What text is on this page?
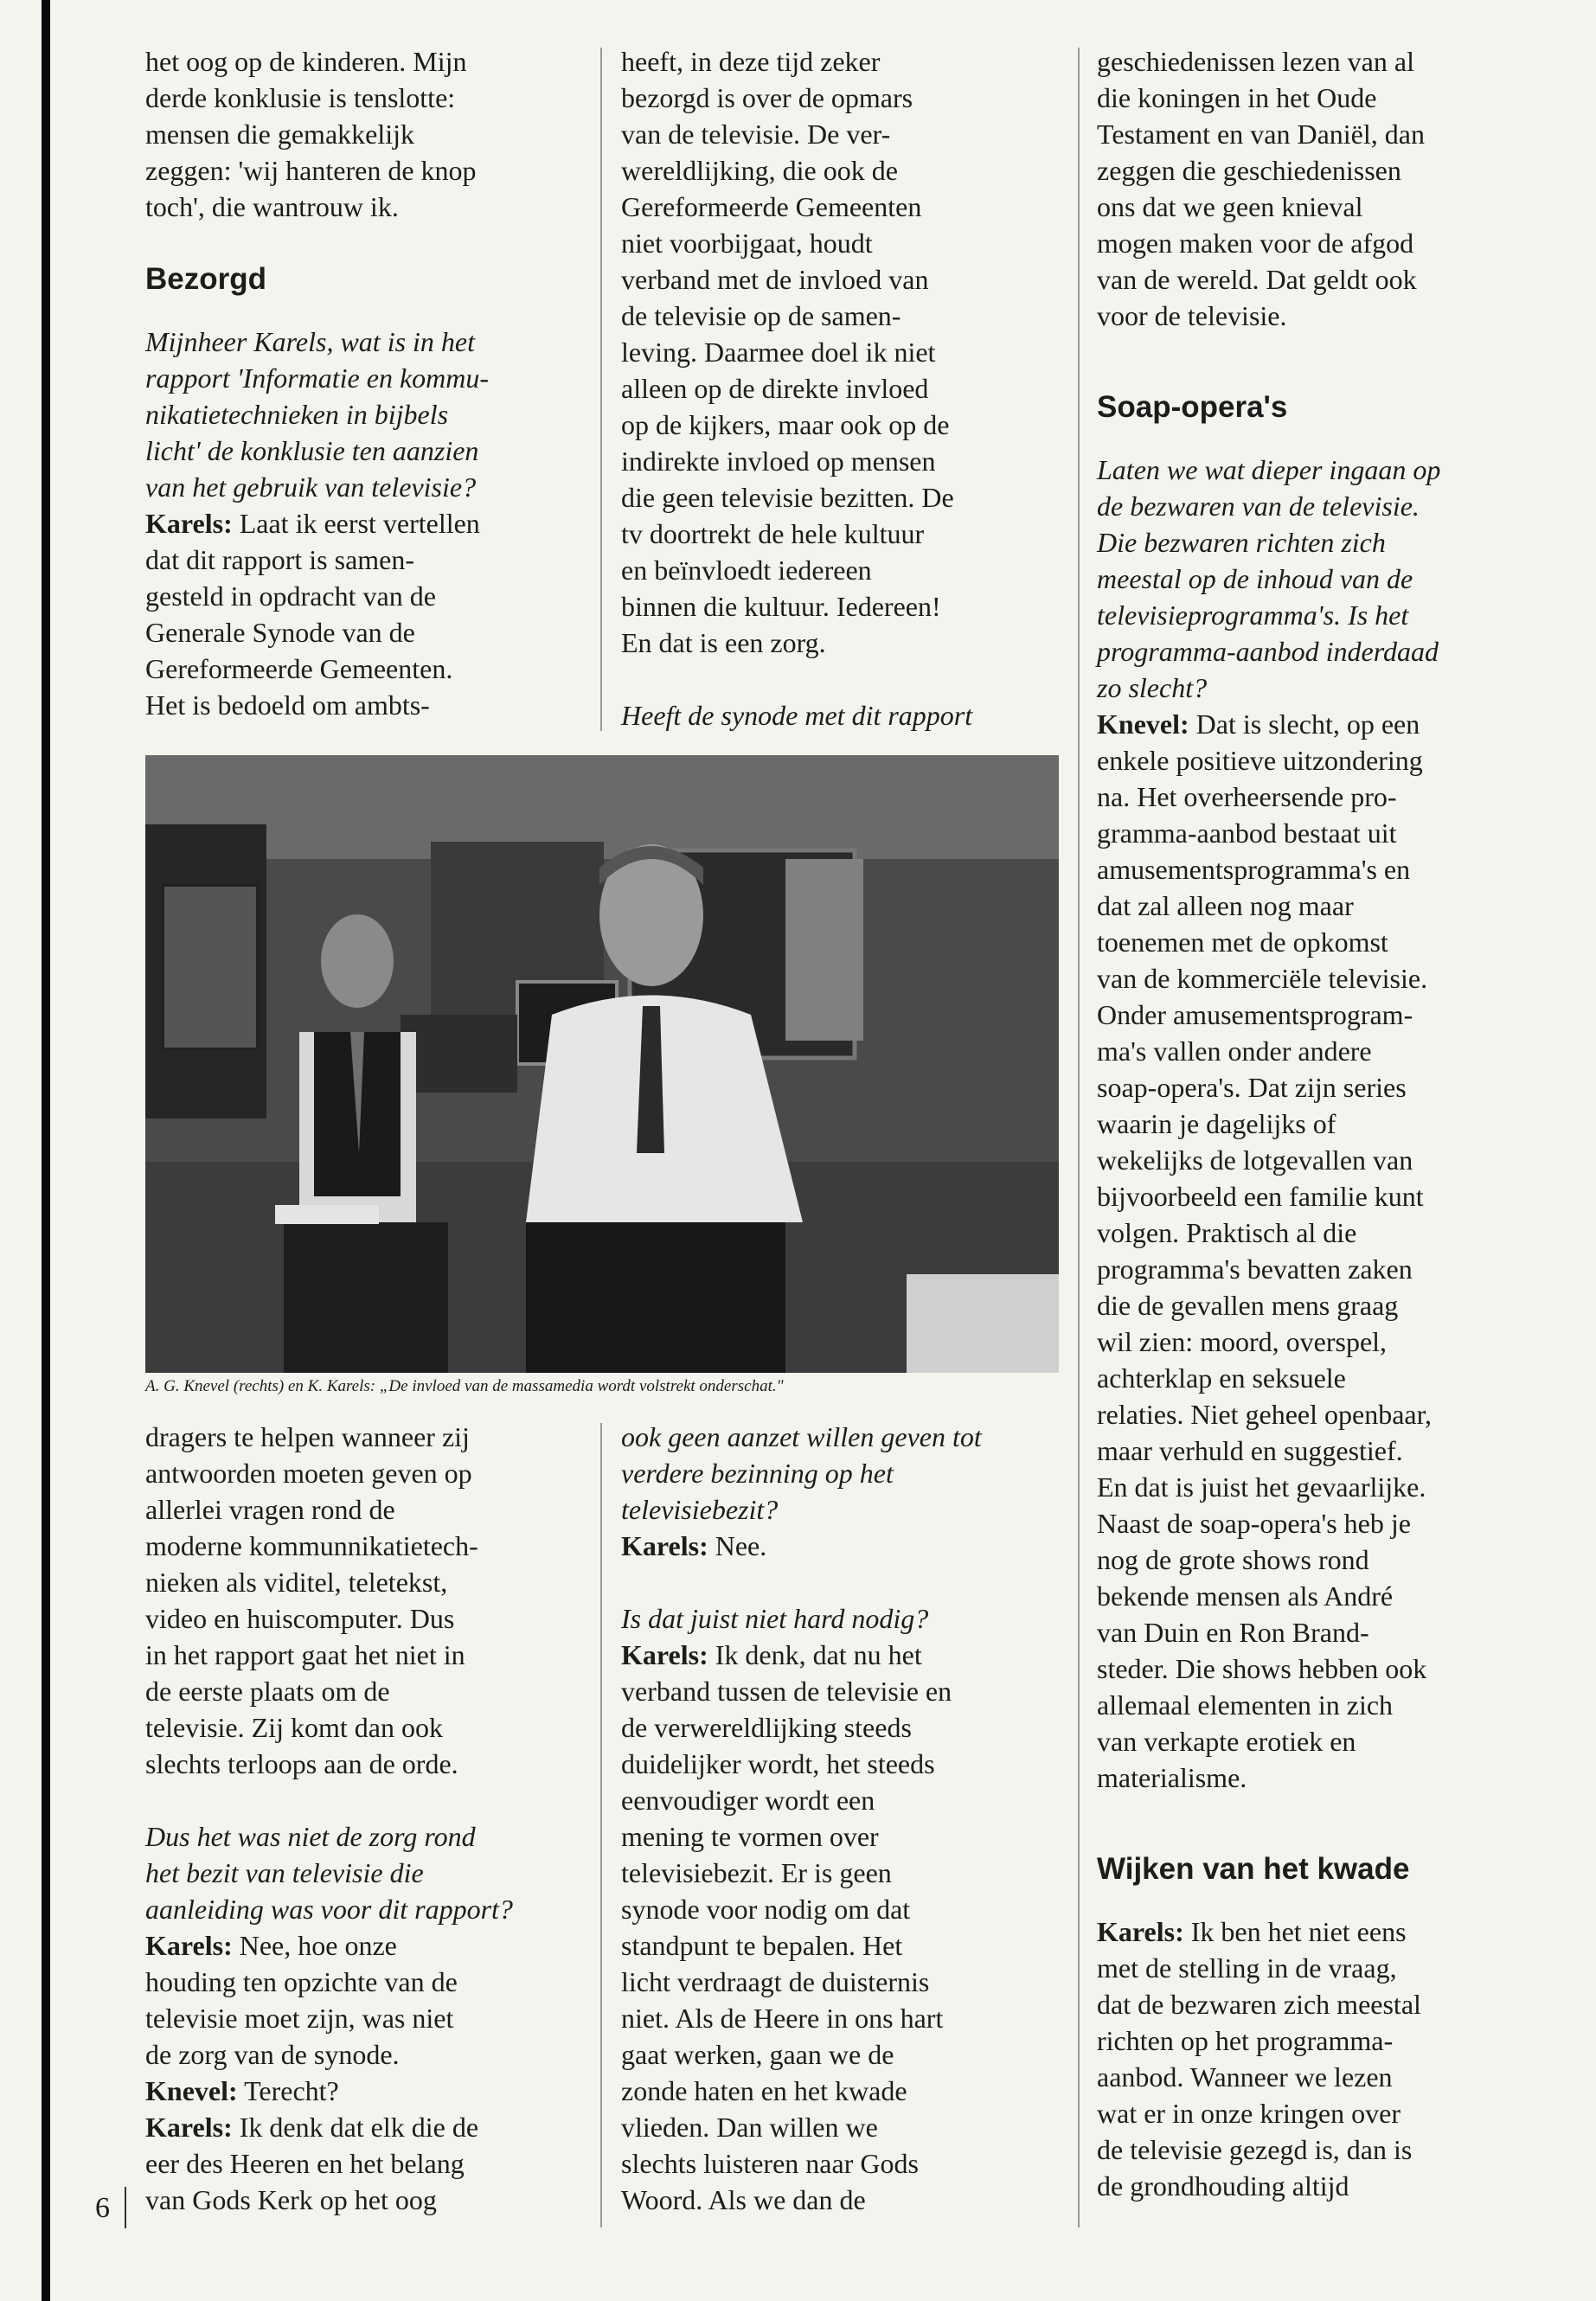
het oog op de kinderen. Mijn

derde konklusie is tenslotte:

mensen die gemakkelijk

zeggen: 'wij hanteren de knop

toch', die wantrouw ik.

Bezorgd

Mijnheer Karels, wat is in het

rapport 'Informatie en kommu-

nikatietechnieken in bijbels

licht' de konklusie ten aanzien

van het gebruik van televisie?

Karels: Laat ik eerst vertellen

dat dit rapport is samen-

gesteld in opdracht van de

Generale Synode van de

Gereformeerde Gemeenten.

Het is bedoeld om ambts-

heeft, in deze tijd zeker

bezorgd is over de opmars

van de televisie. De ver-

wereldlijking, die ook de

Gereformeerde Gemeenten

niet voorbijgaat, houdt

verband met de invloed van

de televisie op de samen-

leving. Daarmee doel ik niet

alleen op de direkte invloed

op de kijkers, maar ook op de

indirekte invloed op mensen

die geen televisie bezitten. De

tv doortrekt de hele kultuur

en beïnvloedt iedereen

binnen die kultuur. Iedereen!

En dat is een zorg.

Heeft de synode met dit rapport

A. G. Knevel (rechts) en K. Karels: „De invloed van de massamedia wordt volstrekt onderschat."

dragers te helpen wanneer zij

antwoorden moeten geven op

allerlei vragen rond de

moderne kommunnikatietech-

nieken als viditel, teletekst,

video en huiscomputer. Dus

in het rapport gaat het niet in

de eerste plaats om de

televisie. Zij komt dan ook

slechts terloops aan de orde.

Dus het was niet de zorg rond

het bezit van televisie die

aanleiding was voor dit rapport?

Karels: Nee, hoe onze

houding ten opzichte van de

televisie moet zijn, was niet

de zorg van de synode.

Knevel: Terecht?

Karels: Ik denk dat elk die de

eer des Heeren en het belang

van Gods Kerk op het oog

6

ook geen aanzet willen geven tot

verdere bezinning op het

televisiebezit?

Karels: Nee.

Is dat juist niet hard nodig?

Karels: Ik denk, dat nu het

verband tussen de televisie en

de verwereldlijking steeds

duidelijker wordt, het steeds

eenvoudiger wordt een

mening te vormen over

televisiebezit. Er is geen

synode voor nodig om dat

standpunt te bepalen. Het

licht verdraagt de duisternis

niet. Als de Heere in ons hart

gaat werken, gaan we de

zonde haten en het kwade

vlieden. Dan willen we

slechts luisteren naar Gods

Woord. Als we dan de

geschiedenissen lezen van al

die koningen in het Oude

Testament en van Daniël, dan

zeggen die geschiedenissen

ons dat we geen knieval

mogen maken voor de afgod

van de wereld. Dat geldt ook

voor de televisie.

Soap-opera's

Laten we wat dieper ingaan op

de bezwaren van de televisie.

Die bezwaren richten zich

meestal op de inhoud van de

televisieprogramma's. Is het

programma-aanbod inderdaad

zo slecht?

Knevel: Dat is slecht, op een

enkele positieve uitzondering

na. Het overheersende pro-

gramma-aanbod bestaat uit

amusementsprogramma's en

dat zal alleen nog maar

toenemen met de opkomst

van de kommerciële televisie.

Onder amusementsprogram-

ma's vallen onder andere

soap-opera's. Dat zijn series

waarin je dagelijks of

wekelijks de lotgevallen van

bijvoorbeeld een familie kunt

volgen. Praktisch al die

programma's bevatten zaken

die de gevallen mens graag

wil zien: moord, overspel,

achterklap en seksuele

relaties. Niet geheel openbaar,

maar verhuld en suggestief.

En dat is juist het gevaarlijke.

Naast de soap-opera's heb je

nog de grote shows rond

bekende mensen als André

van Duin en Ron Brand-

steder. Die shows hebben ook

allemaal elementen in zich

van verkapte erotiek en

materialisme.

Wijken van het kwade

Karels: Ik ben het niet eens

met de stelling in de vraag,

dat de bezwaren zich meestal

richten op het programma-

aanbod. Wanneer we lezen

wat er in onze kringen over

de televisie gezegd is, dan is

de grondhouding altijd
